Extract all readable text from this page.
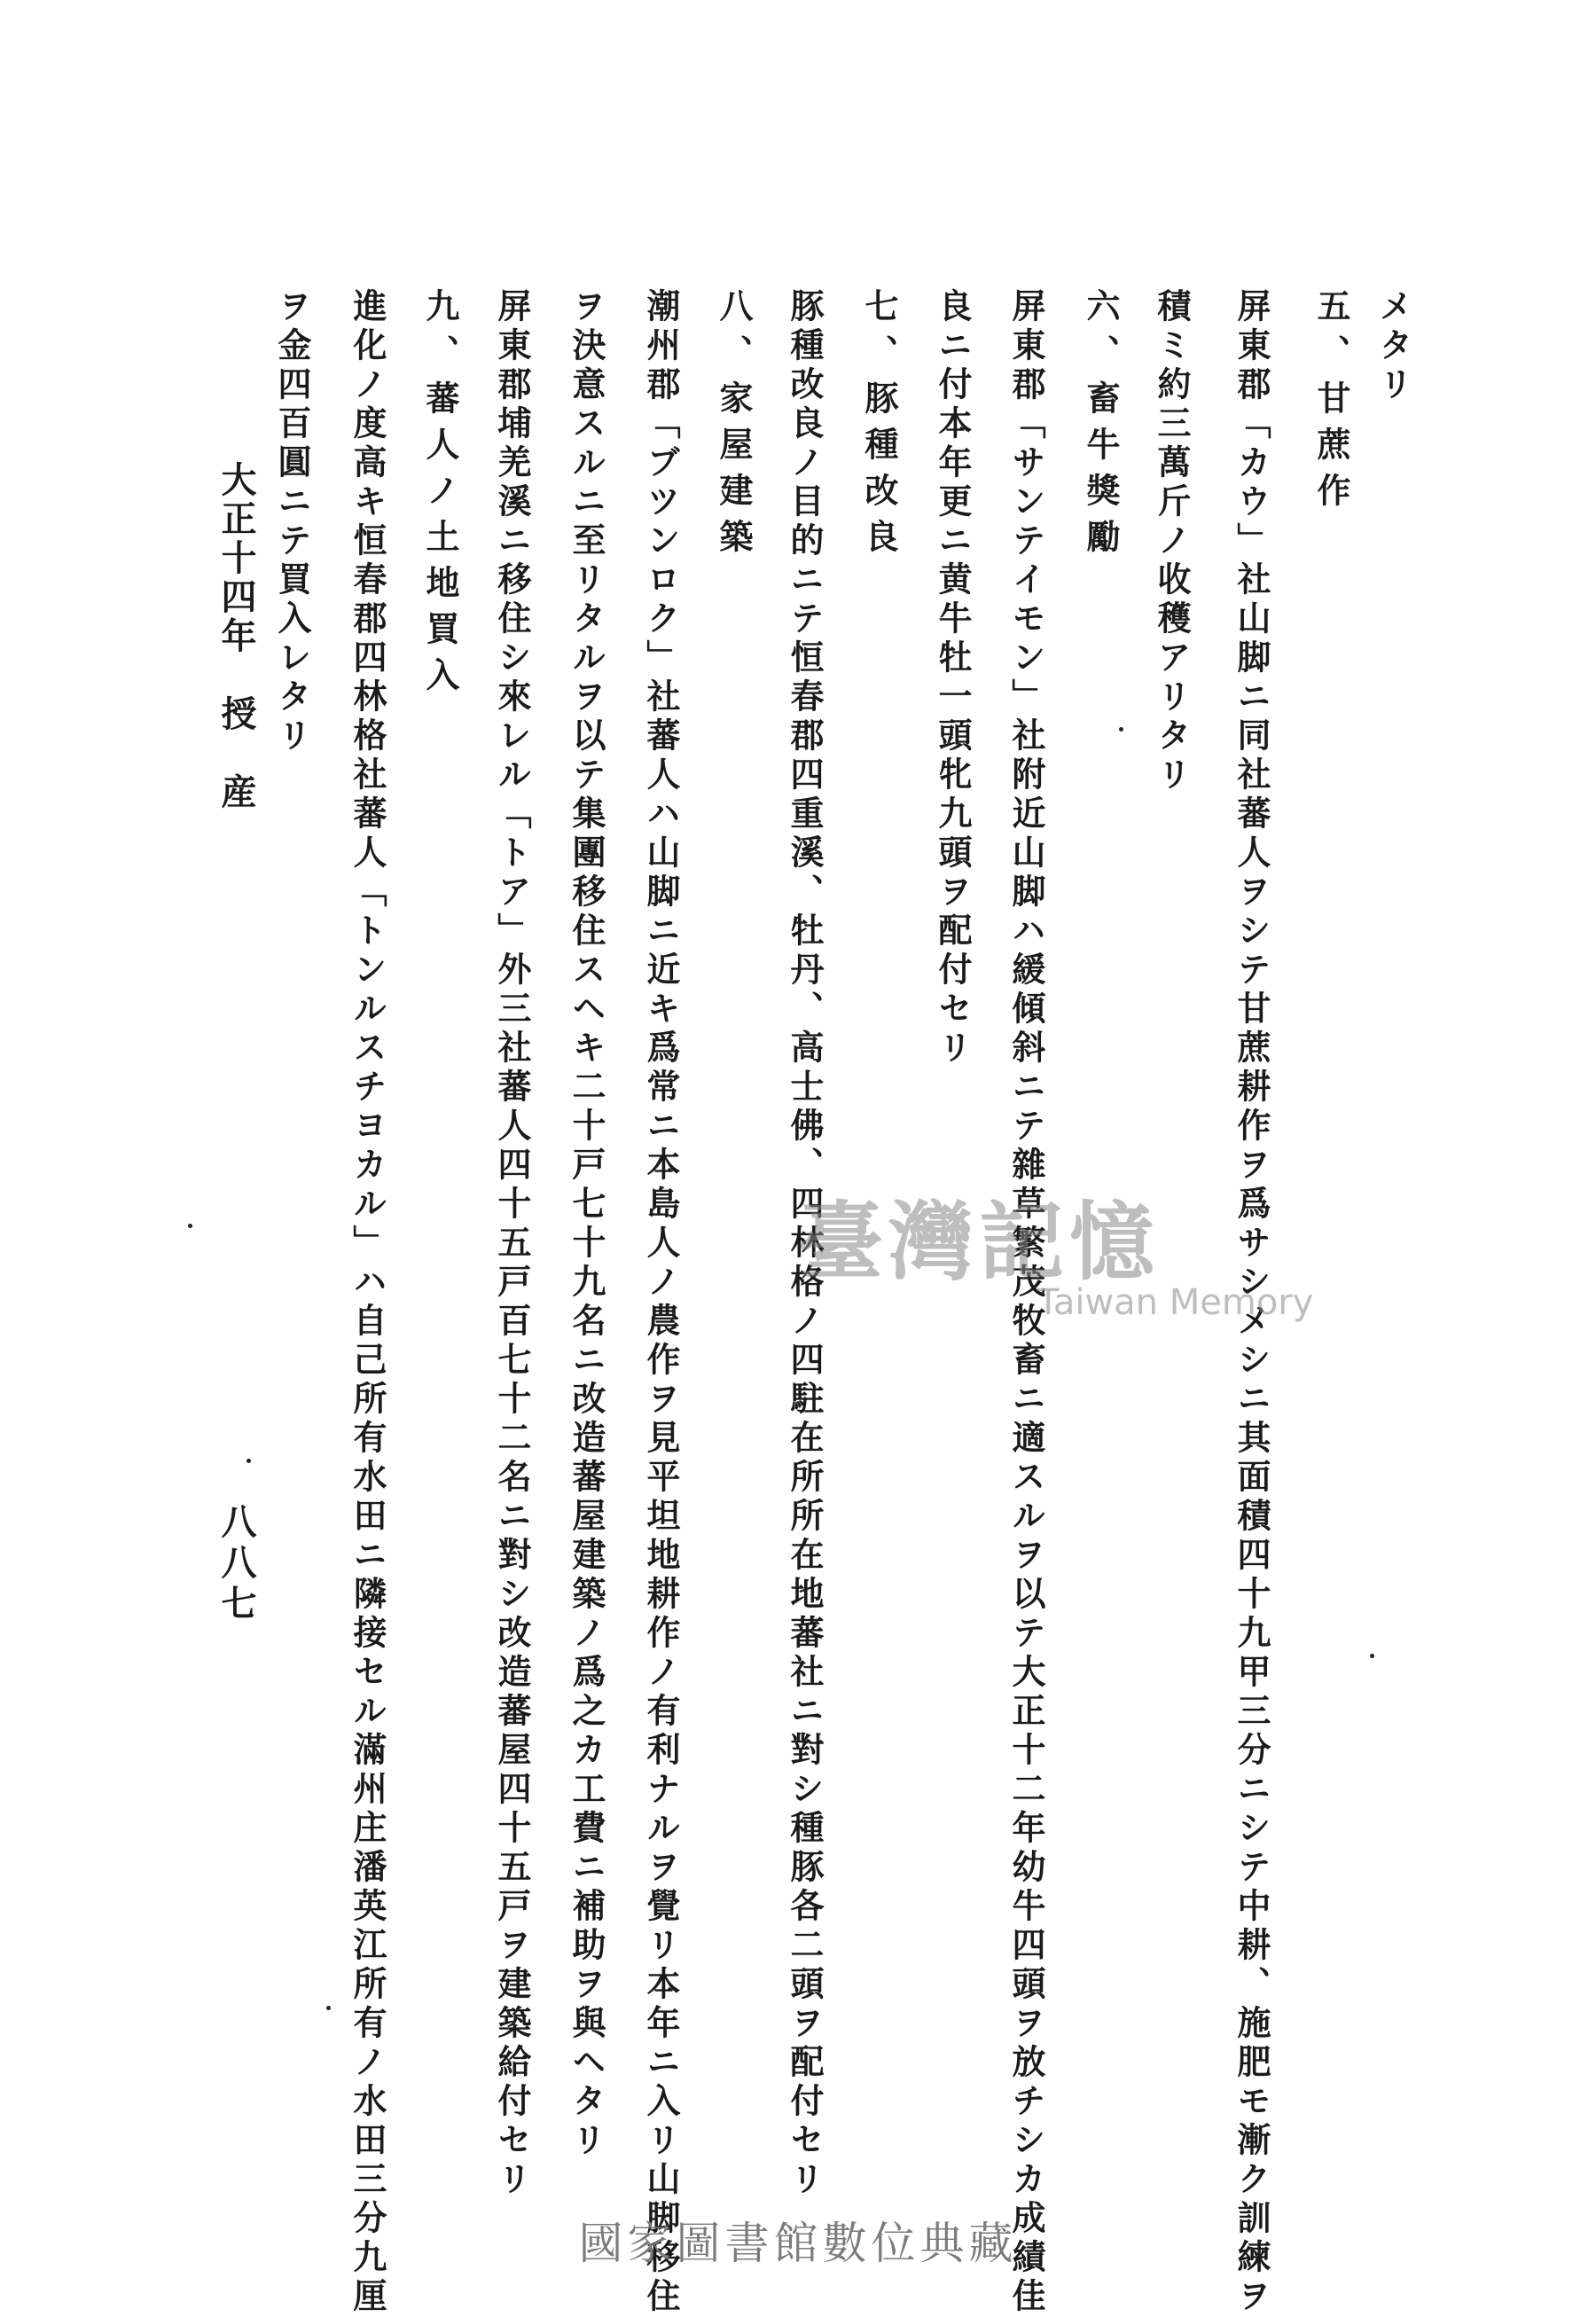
メタリ
五、甘蔗作
屏東郡「カウ」社山脚ニ同社蕃人ヲシテ甘蔗耕作ヲ爲サシメシニ其面積四十九甲三分ニシテ中耕、施肥モ漸ク訓練ヲ
積ミ約三萬斤ノ收穫アリタリ
六、畜牛獎勵
屏東郡「サンテイモン」社附近山脚ハ緩傾斜ニテ雜草繁茂牧畜ニ適スルヲ以テ大正十二年幼牛四頭ヲ放チシカ成績佳
良ニ付本年更ニ黄牛牡一頭牝九頭ヲ配付セリ
七、豚種改良
豚種改良ノ目的ニテ恒春郡四重溪、牡丹、高士佛、四林格ノ四駐在所所在地蕃社ニ對シ種豚各二頭ヲ配付セリ
八、家屋建築
潮州郡「ブツンロク」社蕃人ハ山脚ニ近キ爲常ニ本島人ノ農作ヲ見平坦地耕作ノ有利ナルヲ覺リ本年ニ入リ山脚移住
ヲ決意スルニ至リタルヲ以テ集團移住スヘキ二十戸七十九名ニ改造蕃屋建築ノ爲之カ工費ニ補助ヲ與ヘタリ
屏東郡埔羌溪ニ移住シ來レル「トア」外三社蕃人四十五戸百七十二名ニ對シ改造蕃屋四十五戸ヲ建築給付セリ
九、蕃人ノ土地買入
進化ノ度高キ恒春郡四林格社蕃人「トンルスチヨカル」ハ自己所有水田ニ隣接セル滿州庄潘英江所有ノ水田三分九厘
ヲ金四百圓ニテ買入レタリ
大正十四年　授　産
八八七
臺灣記憶
Taiwan Memory
國家圖書館數位典藏
